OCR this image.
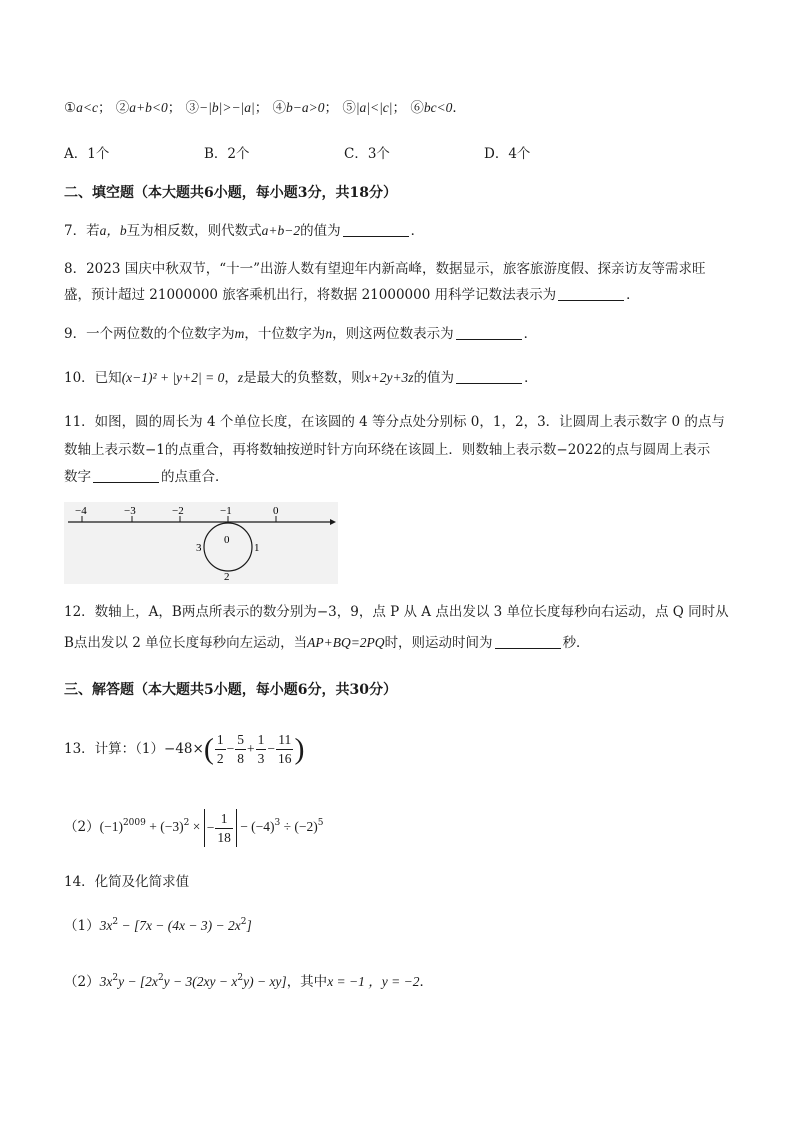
①a<c； ②a+b<0； ③−|b|>−|a|； ④b−a>0； ⑤|a|<|c|； ⑥bc<0．
A．1个	B．2个	C．3个	D．4个
二、填空题（本大题共6小题，每小题3分，共18分）
7．若a，b互为相反数，则代数式a+b−2的值为	．
8．2023 国庆中秋双节，“十一”出游人数有望迎年内新高峰，数据显示，旅客旅游度假、探亲访友等需求旺
盛，预计超过 21000000 旅客乘机出行，将数据 21000000 用科学记数法表示为	．
9．一个两位数的个位数字为m，十位数字为n，则这两位数表示为	．
10．已知(x−1)² + |y+2| = 0，z是最大的负整数，则x+2y+3z的值为	．
11．如图，圆的周长为 4 个单位长度，在该圆的 4 等分点处分别标 0，1，2，3．让圆周上表示数字 0 的点与
数轴上表示数−1的点重合，再将数轴按逆时针方向环绕在该圆上．则数轴上表示数−2022的点与圆周上表示
数字	的点重合．
−4	−3	−2	−1	0
0
1
2
3
12．数轴上，A，B两点所表示的数分别为−3，9，点 P 从 A 点出发以 3 单位长度每秒向右运动，点 Q 同时从
B点出发以 2 单位长度每秒向左运动，当AP+BQ=2PQ时，则运动时间为	秒．
三、解答题（本大题共5小题，每小题6分，共30分）
13．计算：$(1)-48\times( \frac{1}{2} - \frac{5}{8} + \frac{1}{3} - \frac{11}{16}$ )
$(2)(-1)^{2009} + (-3)^2$ × − $\frac{1}{18} - (-4)^3 \div (-2)^5$
14．化简及化简求值
$(1)3x^2 - [7x - (4x - 3) - 2x^2]$
$(2)3x^2y - [2x^2y - 3(2xy - x^2y) - xy]$，其中x = −1 ，y = −2．
